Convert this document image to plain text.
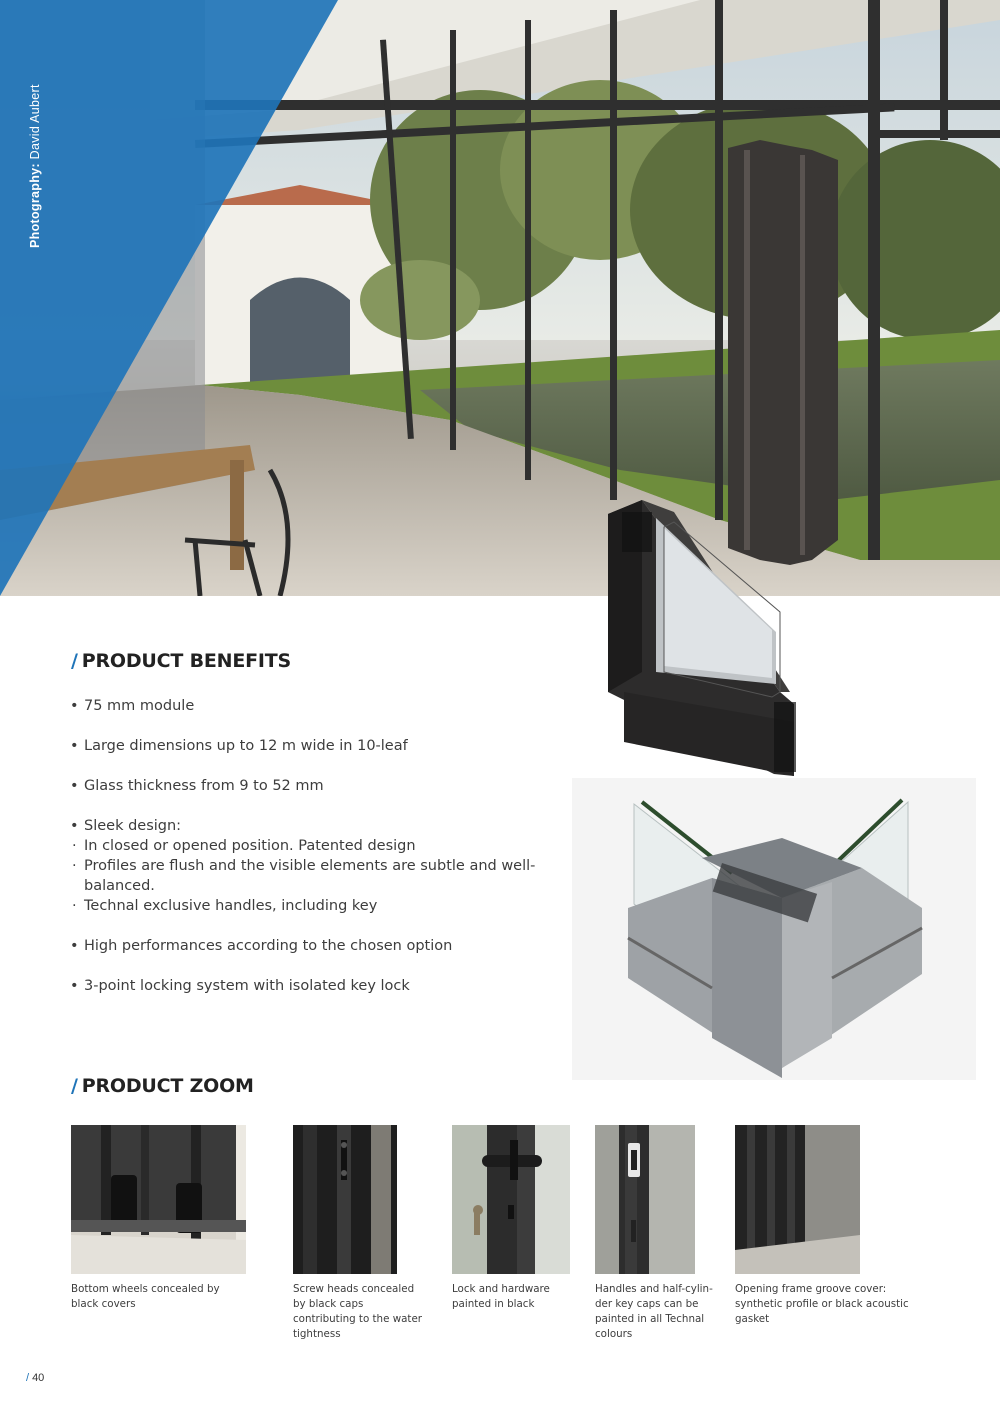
Photography: David Aubert
/ PRODUCT BENEFITS
• 75 mm module
• Large dimensions up to 12 m wide in 10-leaf
• Glass thickness from 9 to 52 mm
• Sleek design:
· In closed or opened position. Patented design
· Profiles are flush and the visible elements are subtle and well-balanced.
· Technal exclusive handles, including key
• High performances according to the chosen option
• 3-point locking system with isolated key lock
/ PRODUCT ZOOM
Bottom wheels concealed by black covers
Screw heads concealed by black caps contributing to the water tightness
Lock and hardware painted in black
Handles and half-cylin-der key caps can be painted in all Technal colours
Opening frame groove cover: synthetic profile or black acoustic gasket
/ 40
